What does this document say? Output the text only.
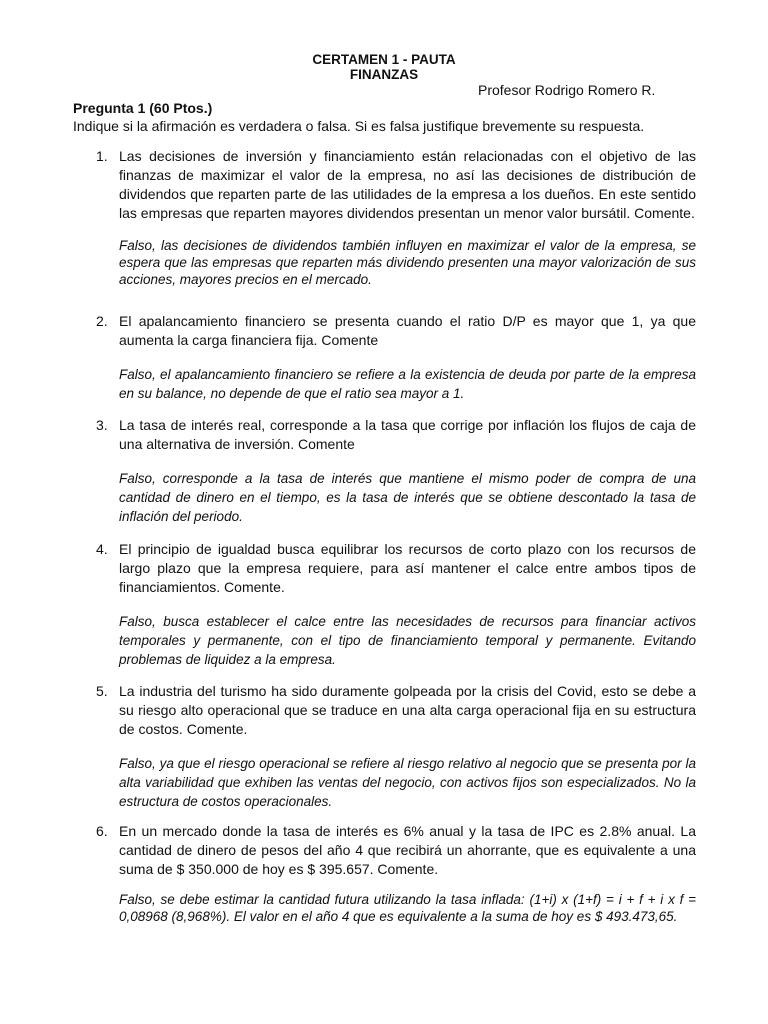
CERTAMEN 1 - PAUTA
FINANZAS
Profesor Rodrigo Romero R.
Pregunta 1 (60 Ptos.)
Indique si la afirmación es verdadera o falsa. Si es falsa justifique brevemente su respuesta.
1. Las decisiones de inversión y financiamiento están relacionadas con el objetivo de las finanzas de maximizar el valor de la empresa, no así las decisiones de distribución de dividendos que reparten parte de las utilidades de la empresa a los dueños. En este sentido las empresas que reparten mayores dividendos presentan un menor valor bursátil. Comente.
Falso, las decisiones de dividendos también influyen en maximizar el valor de la empresa, se espera que las empresas que reparten más dividendo presenten una mayor valorización de sus acciones, mayores precios en el mercado.
2. El apalancamiento financiero se presenta cuando el ratio D/P es mayor que 1, ya que aumenta la carga financiera fija. Comente
Falso, el apalancamiento financiero se refiere a la existencia de deuda por parte de la empresa en su balance, no depende de que el ratio sea mayor a 1.
3. La tasa de interés real, corresponde a la tasa que corrige por inflación los flujos de caja de una alternativa de inversión. Comente
Falso, corresponde a la tasa de interés que mantiene el mismo poder de compra de una cantidad de dinero en el tiempo, es la tasa de interés que se obtiene descontado la tasa de inflación del periodo.
4. El principio de igualdad busca equilibrar los recursos de corto plazo con los recursos de largo plazo que la empresa requiere, para así mantener el calce entre ambos tipos de financiamientos. Comente.
Falso, busca establecer el calce entre las necesidades de recursos para financiar activos temporales y permanente, con el tipo de financiamiento temporal y permanente. Evitando problemas de liquidez a la empresa.
5. La industria del turismo ha sido duramente golpeada por la crisis del Covid, esto se debe a su riesgo alto operacional que se traduce en una alta carga operacional fija en su estructura de costos. Comente.
Falso, ya que el riesgo operacional se refiere al riesgo relativo al negocio que se presenta por la alta variabilidad que exhiben las ventas del negocio, con activos fijos son especializados. No la estructura de costos operacionales.
6. En un mercado donde la tasa de interés es 6% anual y la tasa de IPC es 2.8% anual. La cantidad de dinero de pesos del año 4 que recibirá un ahorrante, que es equivalente a una suma de $ 350.000 de hoy es $ 395.657. Comente.
Falso, se debe estimar la cantidad futura utilizando la tasa inflada: (1+i) x (1+f) = i + f + i x f = 0,08968 (8,968%). El valor en el año 4 que es equivalente a la suma de hoy es $ 493.473,65.
